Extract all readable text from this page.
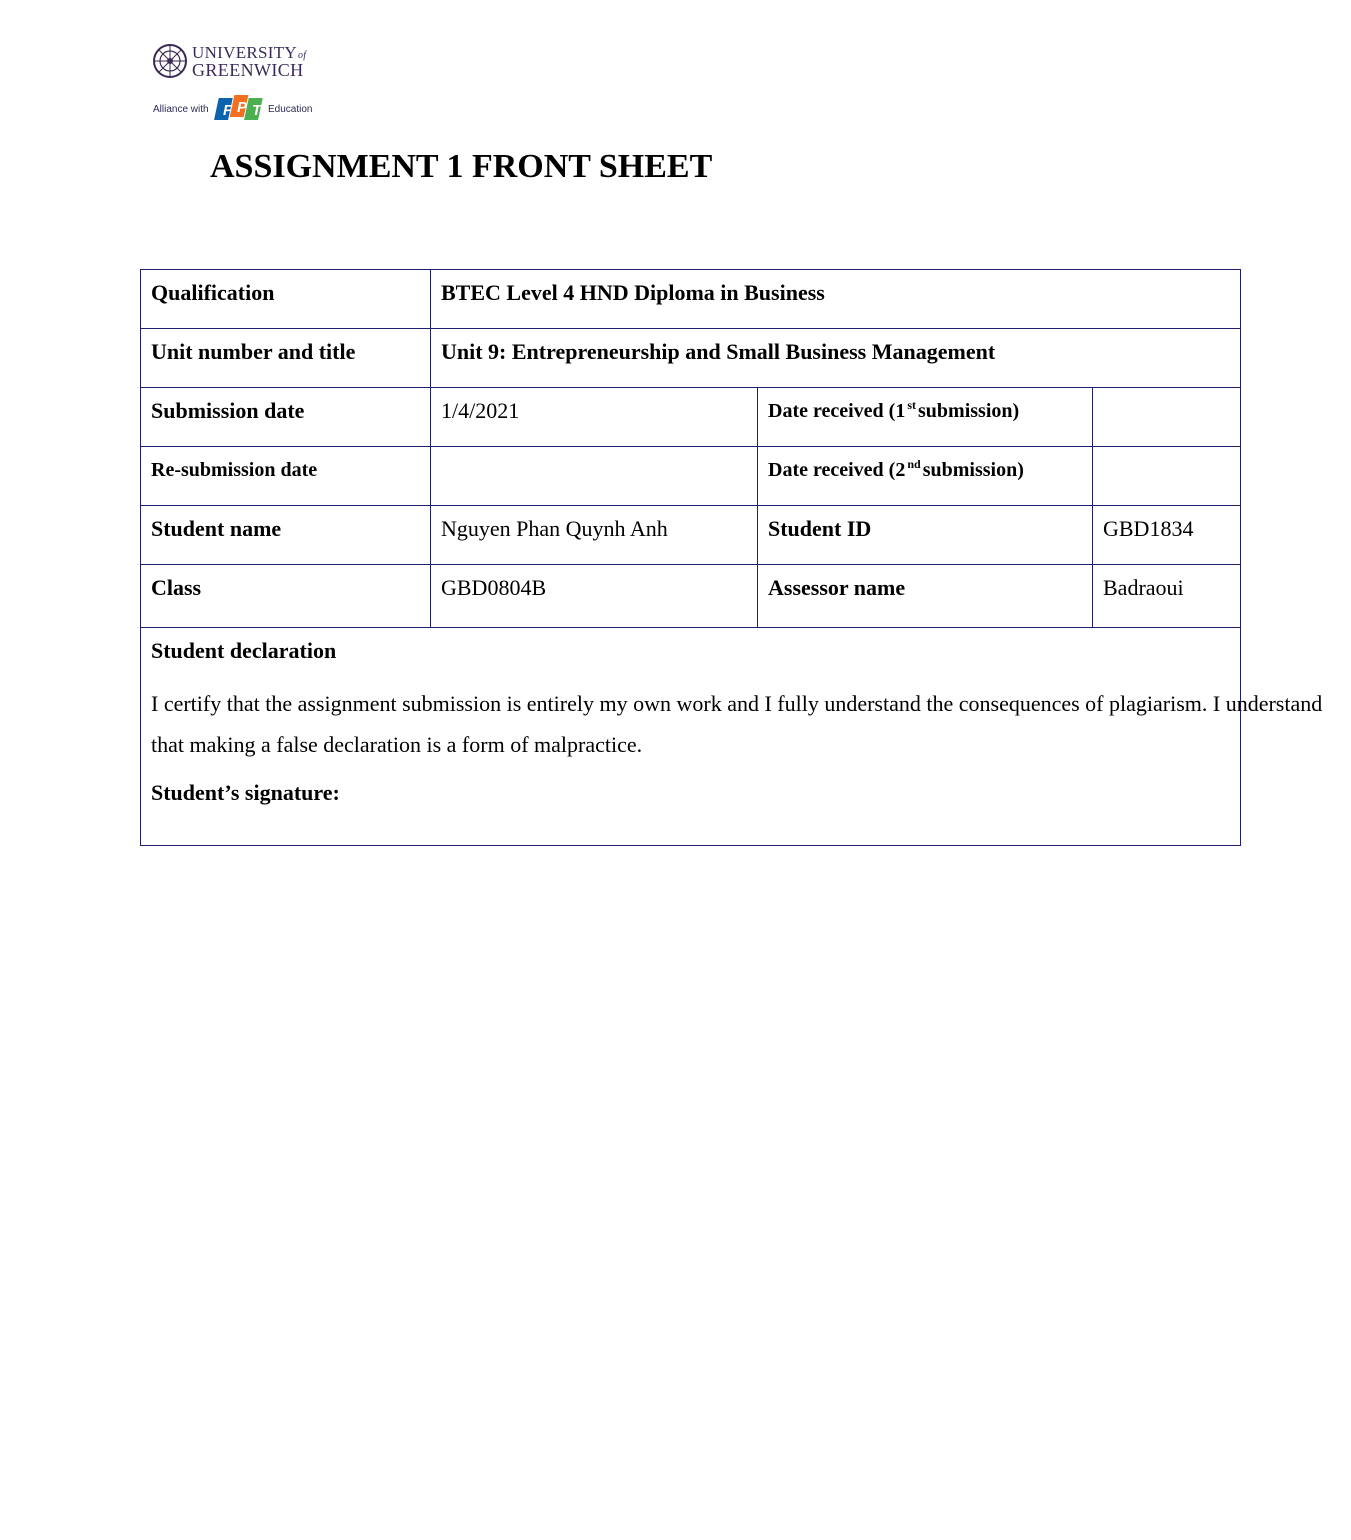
UNIVERSITYof
GREENWICH
Alliance with F P T Education
ASSIGNMENT 1 FRONT SHEET
Qualification	BTEC Level 4 HND Diploma in Business		
Unit number and title	Unit 9: Entrepreneurship and Small Business Management		
Submission date	1/4/2021	Date received (1 $^{st}$ submission)	
Re-submission date		Date received (2 $^{nd}$ submission)	
Student name	Nguyen Phan Quynh Anh	Student ID	GBD1834
Class	GBD0804B	Assessor name	Badraoui

Student declaration

I certify that the assignment submission is entirely my own work and I fully understand the consequences of plagiarism. I understand that making a false declaration is a form of malpractice.

Student’s signature:			
